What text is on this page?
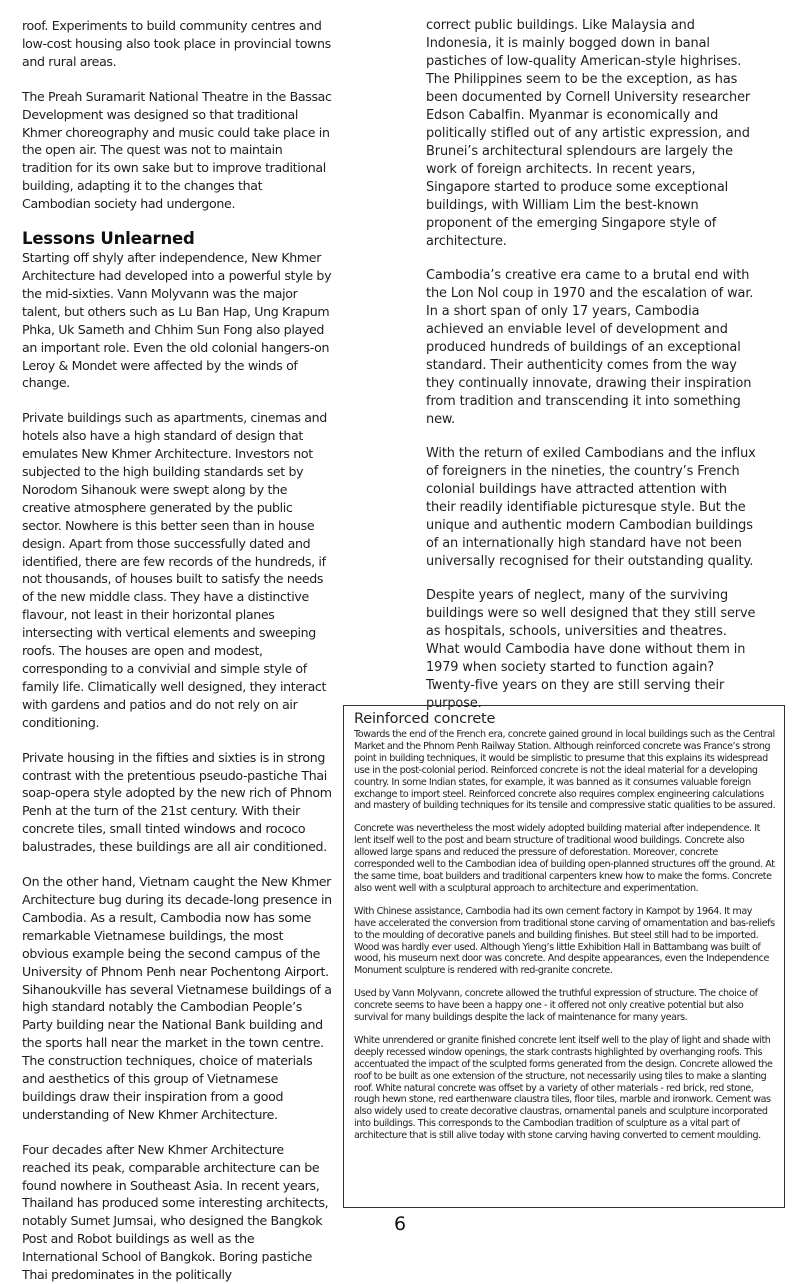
roof. Experiments to build community centres and low-cost housing also took place in provincial towns and rural areas.

The Preah Suramarit National Theatre in the Bassac Development was designed so that traditional Khmer choreography and music could take place in the open air. The quest was not to maintain tradition for its own sake but to improve traditional building, adapting it to the changes that Cambodian society had undergone.

Lessons Unlearned

Starting off shyly after independence, New Khmer Architecture had developed into a powerful style by the mid-sixties. Vann Molyvann was the major talent, but others such as Lu Ban Hap, Ung Krapum Phka, Uk Sameth and Chhim Sun Fong also played an important role. Even the old colonial hangers-on Leroy & Mondet were affected by the winds of change.

Private buildings such as apartments, cinemas and hotels also have a high standard of design that emulates New Khmer Architecture. Investors not subjected to the high building standards set by Norodom Sihanouk were swept along by the creative atmosphere generated by the public sector. Nowhere is this better seen than in house design. Apart from those successfully dated and identified, there are few records of the hundreds, if not thousands, of houses built to satisfy the needs of the new middle class. They have a distinctive flavour, not least in their horizontal planes intersecting with vertical elements and sweeping roofs. The houses are open and modest, corresponding to a convivial and simple style of family life. Climatically well designed, they interact with gardens and patios and do not rely on air conditioning.

Private housing in the fifties and sixties is in strong contrast with the pretentious pseudo-pastiche Thai soap-opera style adopted by the new rich of Phnom Penh at the turn of the 21st century. With their concrete tiles, small tinted windows and rococo balustrades, these buildings are all air conditioned.

On the other hand, Vietnam caught the New Khmer Architecture bug during its decade-long presence in Cambodia. As a result, Cambodia now has some remarkable Vietnamese buildings, the most obvious example being the second campus of the University of Phnom Penh near Pochentong Airport. Sihanoukville has several Vietnamese buildings of a high standard notably the Cambodian People’s Party building near the National Bank building and the sports hall near the market in the town centre. The construction techniques, choice of materials and aesthetics of this group of Vietnamese buildings draw their inspiration from a good understanding of New Khmer Architecture.

Four decades after New Khmer Architecture reached its peak, comparable architecture can be found nowhere in Southeast Asia. In recent years, Thailand has produced some interesting architects, notably Sumet Jumsai, who designed the Bangkok Post and Robot buildings as well as the International School of Bangkok. Boring pastiche Thai predominates in the politically

correct public buildings. Like Malaysia and Indonesia, it is mainly bogged down in banal pastiches of low-quality American-style highrises. The Philippines seem to be the exception, as has been documented by Cornell University researcher Edson Cabalfin. Myanmar is economically and politically stifled out of any artistic expression, and Brunei’s architectural splendours are largely the work of foreign architects. In recent years, Singapore started to produce some exceptional buildings, with William Lim the best-known proponent of the emerging Singapore style of architecture.

Cambodia’s creative era came to a brutal end with the Lon Nol coup in 1970 and the escalation of war. In a short span of only 17 years, Cambodia achieved an enviable level of development and produced hundreds of buildings of an exceptional standard. Their authenticity comes from the way they continually innovate, drawing their inspiration from tradition and transcending it into something new.

With the return of exiled Cambodians and the influx of foreigners in the nineties, the country’s French colonial buildings have attracted attention with their readily identifiable picturesque style. But the unique and authentic modern Cambodian buildings of an internationally high standard have not been universally recognised for their outstanding quality.

Despite years of neglect, many of the surviving buildings were so well designed that they still serve as hospitals, schools, universities and theatres. What would Cambodia have done without them in 1979 when society started to function again? Twenty-five years on they are still serving their purpose.

Reinforced concrete

Towards the end of the French era, concrete gained ground in local buildings such as the Central Market and the Phnom Penh Railway Station. Although reinforced concrete was France’s strong point in building techniques, it would be simplistic to presume that this explains its widespread use in the post-colonial period. Reinforced concrete is not the ideal material for a developing country. In some Indian states, for example, it was banned as it consumes valuable foreign exchange to import steel. Reinforced concrete also requires complex engineering calculations and mastery of building techniques for its tensile and compressive static qualities to be assured.

Concrete was nevertheless the most widely adopted building material after independence. It lent itself well to the post and beam structure of traditional wood buildings. Concrete also allowed large spans and reduced the pressure of deforestation. Moreover, concrete corresponded well to the Cambodian idea of building open-planned structures off the ground. At the same time, boat builders and traditional carpenters knew how to make the forms. Concrete also went well with a sculptural approach to architecture and experimentation.

With Chinese assistance, Cambodia had its own cement factory in Kampot by 1964. It may have accelerated the conversion from traditional stone carving of ornamentation and bas-reliefs to the moulding of decorative panels and building finishes. But steel still had to be imported. Wood was hardly ever used. Although Yieng’s little Exhibition Hall in Battambang was built of wood, his museum next door was concrete. And despite appearances, even the Independence Monument sculpture is rendered with red-granite concrete.

Used by Vann Molyvann, concrete allowed the truthful expression of structure. The choice of concrete seems to have been a happy one - it offered not only creative potential but also survival for many buildings despite the lack of maintenance for many years.

White unrendered or granite finished concrete lent itself well to the play of light and shade with deeply recessed window openings, the stark contrasts highlighted by overhanging roofs. This accentuated the impact of the sculpted forms generated from the design. Concrete allowed the roof to be built as one extension of the structure, not necessarily using tiles to make a slanting roof. White natural concrete was offset by a variety of other materials - red brick, red stone, rough hewn stone, red earthenware claustra tiles, floor tiles, marble and ironwork. Cement was also widely used to create decorative claustras, ornamental panels and sculpture incorporated into buildings. This corresponds to the Cambodian tradition of sculpture as a vital part of architecture that is still alive today with stone carving having converted to cement moulding.

6
